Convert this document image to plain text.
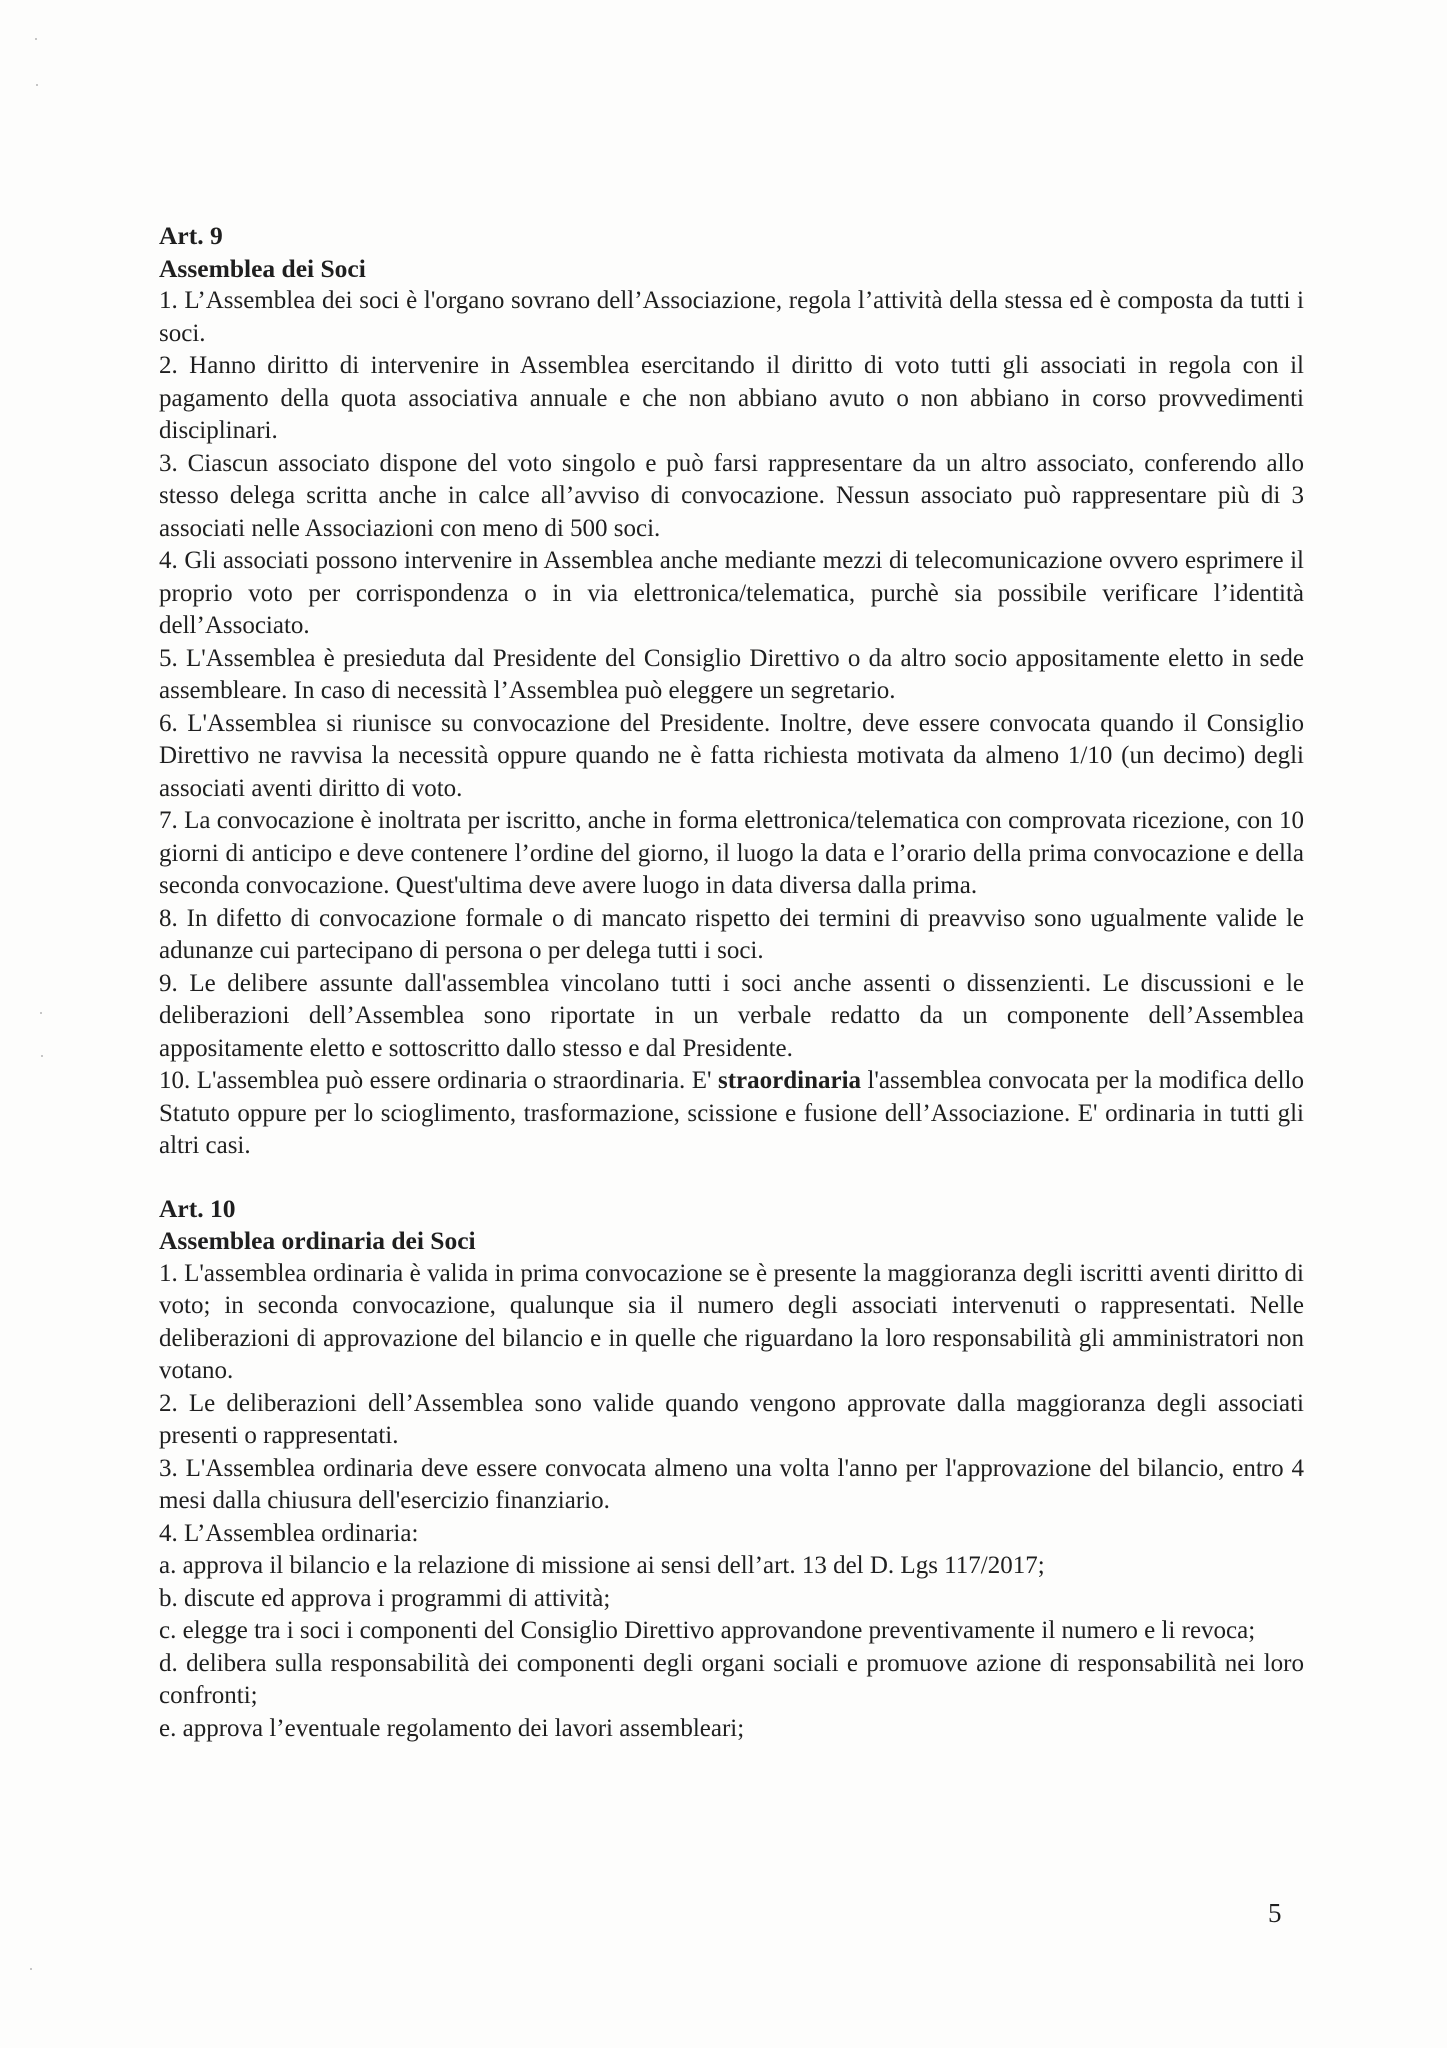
Art. 9
Assemblea dei Soci

1. L’Assemblea dei soci è l'organo sovrano dell’Associazione, regola l’attività della stessa ed è composta da tutti i soci.

2. Hanno diritto di intervenire in Assemblea esercitando il diritto di voto tutti gli associati in regola con il pagamento della quota associativa annuale e che non abbiano avuto o non abbiano in corso provvedimenti disciplinari.

3. Ciascun associato dispone del voto singolo e può farsi rappresentare da un altro associato, conferendo allo stesso delega scritta anche in calce all’avviso di convocazione. Nessun associato può rappresentare più di 3 associati nelle Associazioni con meno di 500 soci.

4. Gli associati possono intervenire in Assemblea anche mediante mezzi di telecomunicazione ovvero esprimere il proprio voto per corrispondenza o in via elettronica/telematica, purchè sia possibile verificare l’identità dell’Associato.

5. L'Assemblea è presieduta dal Presidente del Consiglio Direttivo o da altro socio appositamente eletto in sede assembleare. In caso di necessità l’Assemblea può eleggere un segretario.

6. L'Assemblea si riunisce su convocazione del Presidente. Inoltre, deve essere convocata quando il Consiglio Direttivo ne ravvisa la necessità oppure quando ne è fatta richiesta motivata da almeno 1/10 (un decimo) degli associati aventi diritto di voto.

7. La convocazione è inoltrata per iscritto, anche in forma elettronica/telematica con comprovata ricezione, con 10 giorni di anticipo e deve contenere l’ordine del giorno, il luogo la data e l’orario della prima convocazione e della seconda convocazione. Quest'ultima deve avere luogo in data diversa dalla prima.

8. In difetto di convocazione formale o di mancato rispetto dei termini di preavviso sono ugualmente valide le adunanze cui partecipano di persona o per delega tutti i soci.

9. Le delibere assunte dall'assemblea vincolano tutti i soci anche assenti o dissenzienti. Le discussioni e le deliberazioni dell’Assemblea sono riportate in un verbale redatto da un componente dell’Assemblea appositamente eletto e sottoscritto dallo stesso e dal Presidente.

10. L'assemblea può essere ordinaria o straordinaria. E' straordinaria l'assemblea convocata per la modifica dello Statuto oppure per lo scioglimento, trasformazione, scissione e fusione dell’Associazione. E' ordinaria in tutti gli altri casi.

Art. 10
Assemblea ordinaria dei Soci

1. L'assemblea ordinaria è valida in prima convocazione se è presente la maggioranza degli iscritti aventi diritto di voto; in seconda convocazione, qualunque sia il numero degli associati intervenuti o rappresentati. Nelle deliberazioni di approvazione del bilancio e in quelle che riguardano la loro responsabilità gli amministratori non votano.

2. Le deliberazioni dell’Assemblea sono valide quando vengono approvate dalla maggioranza degli associati presenti o rappresentati.

3. L'Assemblea ordinaria deve essere convocata almeno una volta l'anno per l'approvazione del bilancio, entro 4 mesi dalla chiusura dell'esercizio finanziario.

4. L’Assemblea ordinaria:

a. approva il bilancio e la relazione di missione ai sensi dell’art. 13 del D. Lgs 117/2017;

b. discute ed approva i programmi di attività;

c. elegge tra i soci i componenti del Consiglio Direttivo approvandone preventivamente il numero e li revoca;

d. delibera sulla responsabilità dei componenti degli organi sociali e promuove azione di responsabilità nei loro confronti;

e. approva l’eventuale regolamento dei lavori assembleari;

5
